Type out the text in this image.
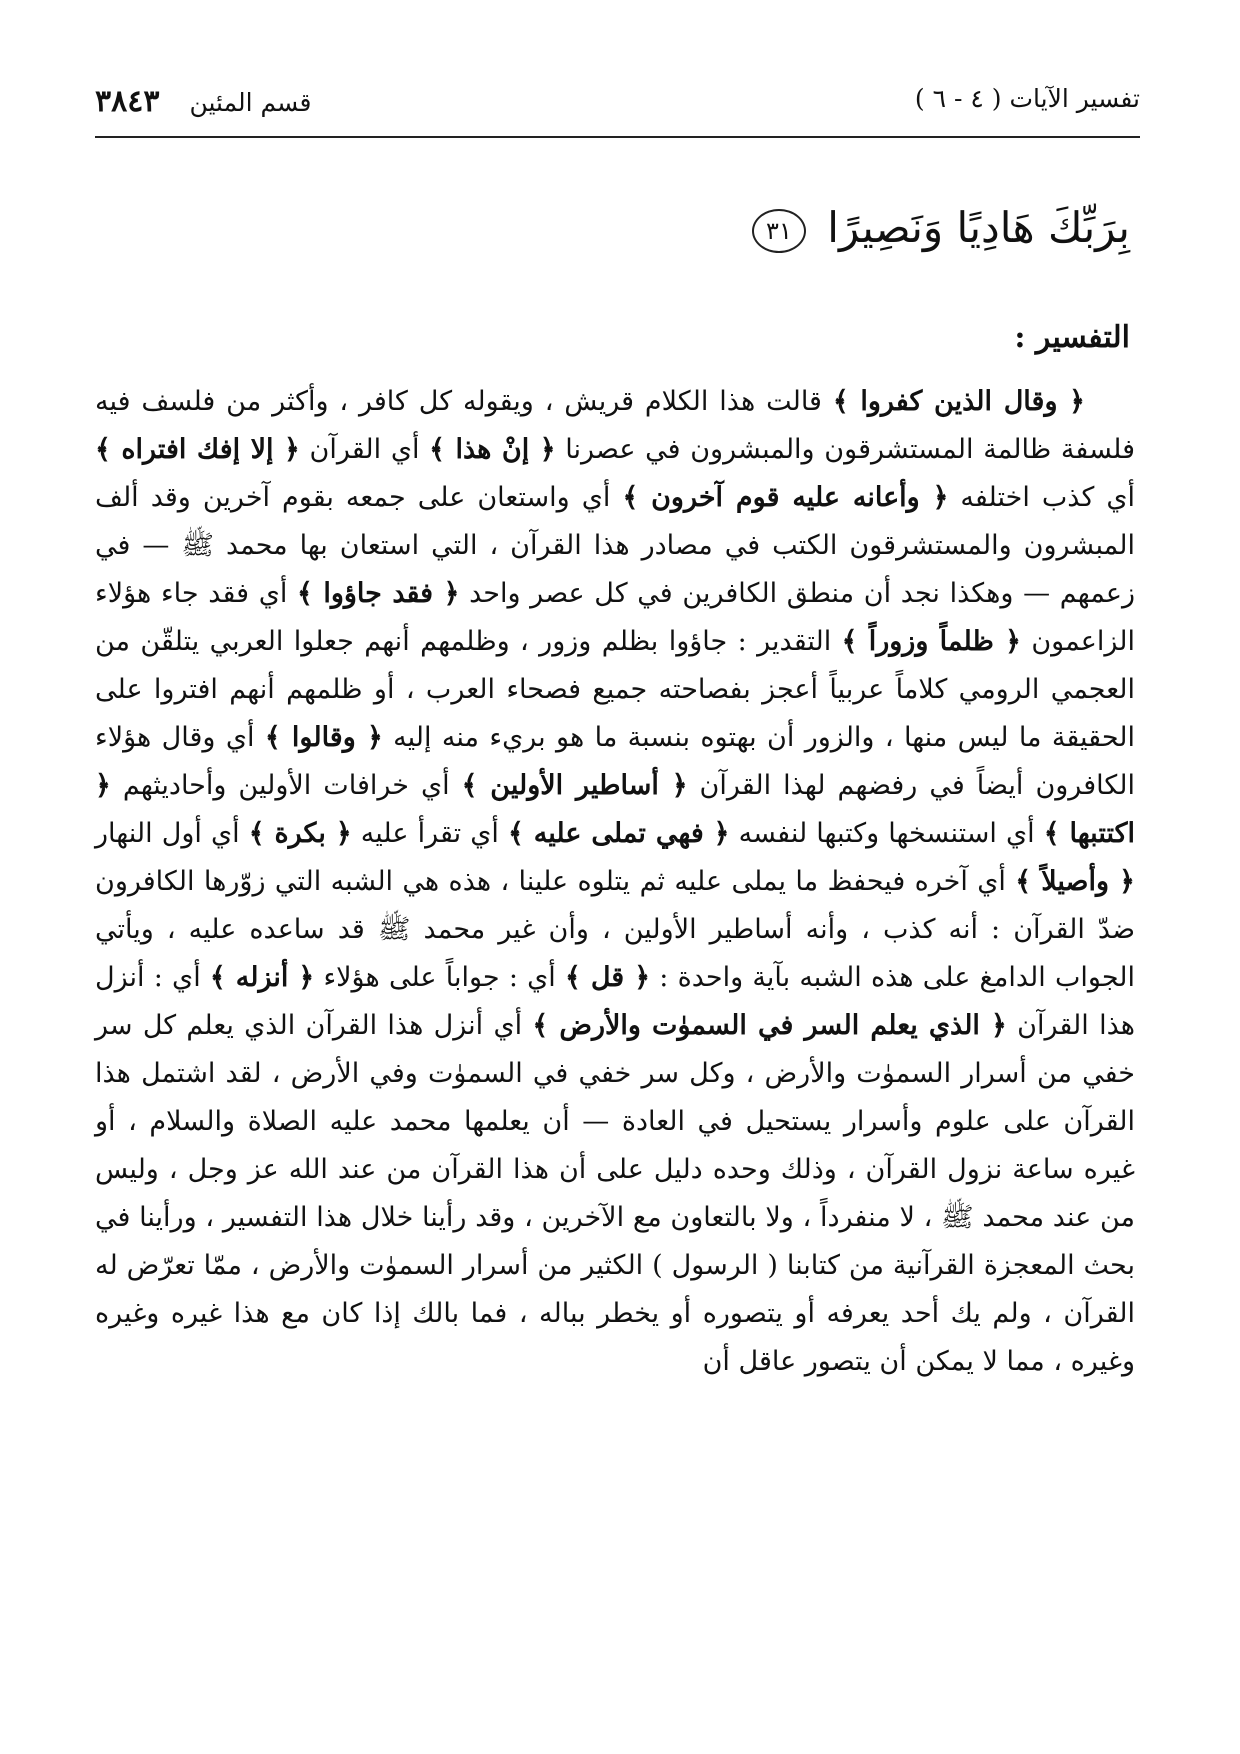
تفسير الآيات ( ٤ - ٦ )
قسم المئين٣٨٤٣
بِرَبِّكَ هَادِيًا وَنَصِيرًا ٣١
التفسير :

﴿ وقال الذين كفروا ﴾ قالت هذا الكلام قريش ، ويقوله كل كافر ، وأكثر من فلسف فيه فلسفة ظالمة المستشرقون والمبشرون في عصرنا ﴿ إنْ هذا ﴾ أي القرآن ﴿ إلا إفك افتراه ﴾ أي كذب اختلفه ﴿ وأعانه عليه قوم آخرون ﴾ أي واستعان على جمعه بقوم آخرين وقد ألف المبشرون والمستشرقون الكتب في مصادر هذا القرآن ، التي استعان بها محمد ﷺ — في زعمهم — وهكذا نجد أن منطق الكافرين في كل عصر واحد ﴿ فقد جاؤوا ﴾ أي فقد جاء هؤلاء الزاعمون ﴿ ظلماً وزوراً ﴾ التقدير : جاؤوا بظلم وزور ، وظلمهم أنهم جعلوا العربي يتلقّن من العجمي الرومي كلاماً عربياً أعجز بفصاحته جميع فصحاء العرب ، أو ظلمهم أنهم افتروا على الحقيقة ما ليس منها ، والزور أن بهتوه بنسبة ما هو بريء منه إليه ﴿ وقالوا ﴾ أي وقال هؤلاء الكافرون أيضاً في رفضهم لهذا القرآن ﴿ أساطير الأولين ﴾ أي خرافات الأولين وأحاديثهم ﴿ اكتتبها ﴾ أي استنسخها وكتبها لنفسه ﴿ فهي تملى عليه ﴾ أي تقرأ عليه ﴿ بكرة ﴾ أي أول النهار ﴿ وأصيلاً ﴾ أي آخره فيحفظ ما يملى عليه ثم يتلوه علينا ، هذه هي الشبه التي زوّرها الكافرون ضدّ القرآن : أنه كذب ، وأنه أساطير الأولين ، وأن غير محمد ﷺ قد ساعده عليه ، ويأتي الجواب الدامغ على هذه الشبه بآية واحدة : ﴿ قل ﴾ أي : جواباً على هؤلاء ﴿ أنزله ﴾ أي : أنزل هذا القرآن ﴿ الذي يعلم السر في السموٰت والأرض ﴾ أي أنزل هذا القرآن الذي يعلم كل سر خفي من أسرار السموٰت والأرض ، وكل سر خفي في السموٰت وفي الأرض ، لقد اشتمل هذا القرآن على علوم وأسرار يستحيل في العادة — أن يعلمها محمد عليه الصلاة والسلام ، أو غيره ساعة نزول القرآن ، وذلك وحده دليل على أن هذا القرآن من عند الله عز وجل ، وليس من عند محمد ﷺ ، لا منفرداً ، ولا بالتعاون مع الآخرين ، وقد رأينا خلال هذا التفسير ، ورأينا في بحث المعجزة القرآنية من كتابنا ( الرسول ) الكثير من أسرار السموٰت والأرض ، ممّا تعرّض له القرآن ، ولم يك أحد يعرفه أو يتصوره أو يخطر بباله ، فما بالك إذا كان مع هذا غيره وغيره وغيره ، مما لا يمكن أن يتصور عاقل أن
